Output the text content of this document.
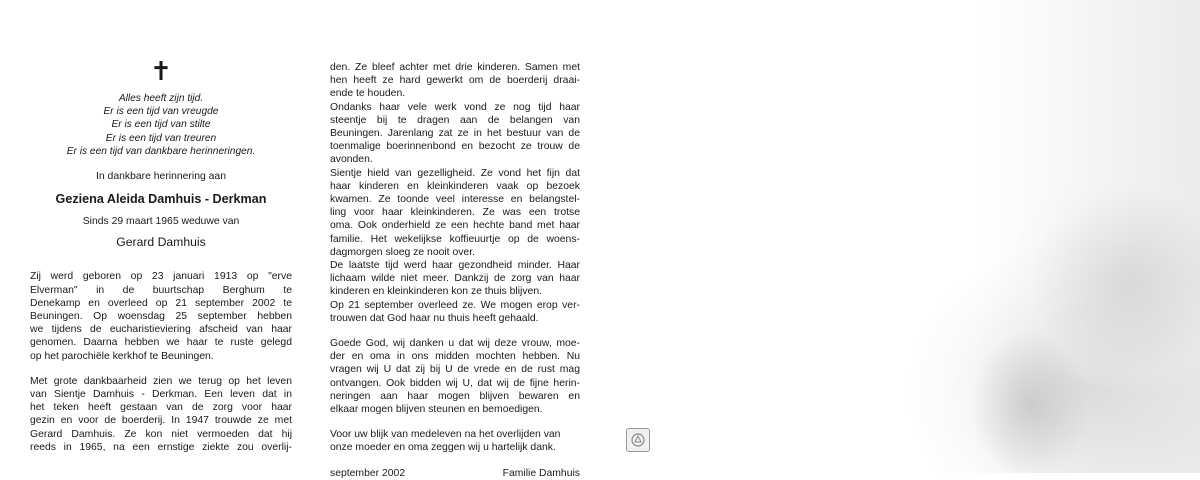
✝
Alles heeft zijn tijd.
Er is een tijd van vreugde
Er is een tijd van stilte
Er is een tijd van treuren
Er is een tijd van dankbare herinneringen.
In dankbare herinnering aan
Geziena Aleida Damhuis - Derkman
Sinds 29 maart 1965 weduwe van
Gerard Damhuis
Zij werd geboren op 23 januari 1913 op "erve
Elverman" in de buurtschap Berghum te
Denekamp en overleed op 21 september 2002 te
Beuningen. Op woensdag 25 september hebben
we tijdens de eucharistieviering afscheid van haar
genomen. Daarna hebben we haar te ruste gelegd
op het parochiële kerkhof te Beuningen.
Met grote dankbaarheid zien we terug op het leven
van Sientje Damhuis - Derkman. Een leven dat in
het teken heeft gestaan van de zorg voor haar
gezin en voor de boerderij. In 1947 trouwde ze met
Gerard Damhuis. Ze kon niet vermoeden dat hij
reeds in 1965, na een ernstige ziekte zou overlij-
den. Ze bleef achter met drie kinderen. Samen met
hen heeft ze hard gewerkt om de boerderij draai-
ende te houden.
Ondanks haar vele werk vond ze nog tijd haar
steentje bij te dragen aan de belangen van
Beuningen. Jarenlang zat ze in het bestuur van de
toenmalige boerinnenbond en bezocht ze trouw de
avonden.
Sientje hield van gezelligheid. Ze vond het fijn dat
haar kinderen en kleinkinderen vaak op bezoek
kwamen. Ze toonde veel interesse en belangstel-
ling voor haar kleinkinderen. Ze was een trotse
oma. Ook onderhield ze een hechte band met haar
familie. Het wekelijkse koffieuurtje op de woens-
dagmorgen sloeg ze nooit over.
De laatste tijd werd haar gezondheid minder. Haar
lichaam wilde niet meer. Dankzij de zorg van haar
kinderen en kleinkinderen kon ze thuis blijven.
Op 21 september overleed ze. We mogen erop ver-
trouwen dat God haar nu thuis heeft gehaald.
Goede God, wij danken u dat wij deze vrouw, moe-
der en oma in ons midden mochten hebben. Nu
vragen wij U dat zij bij U de vrede en de rust mag
ontvangen. Ook bidden wij U, dat wij de fijne herin-
neringen aan haar mogen blijven bewaren en
elkaar mogen blijven steunen en bemoedigen.
Voor uw blijk van medeleven na het overlijden van
onze moeder en oma zeggen wij u hartelijk dank.
september 2002	Familie Damhuis
